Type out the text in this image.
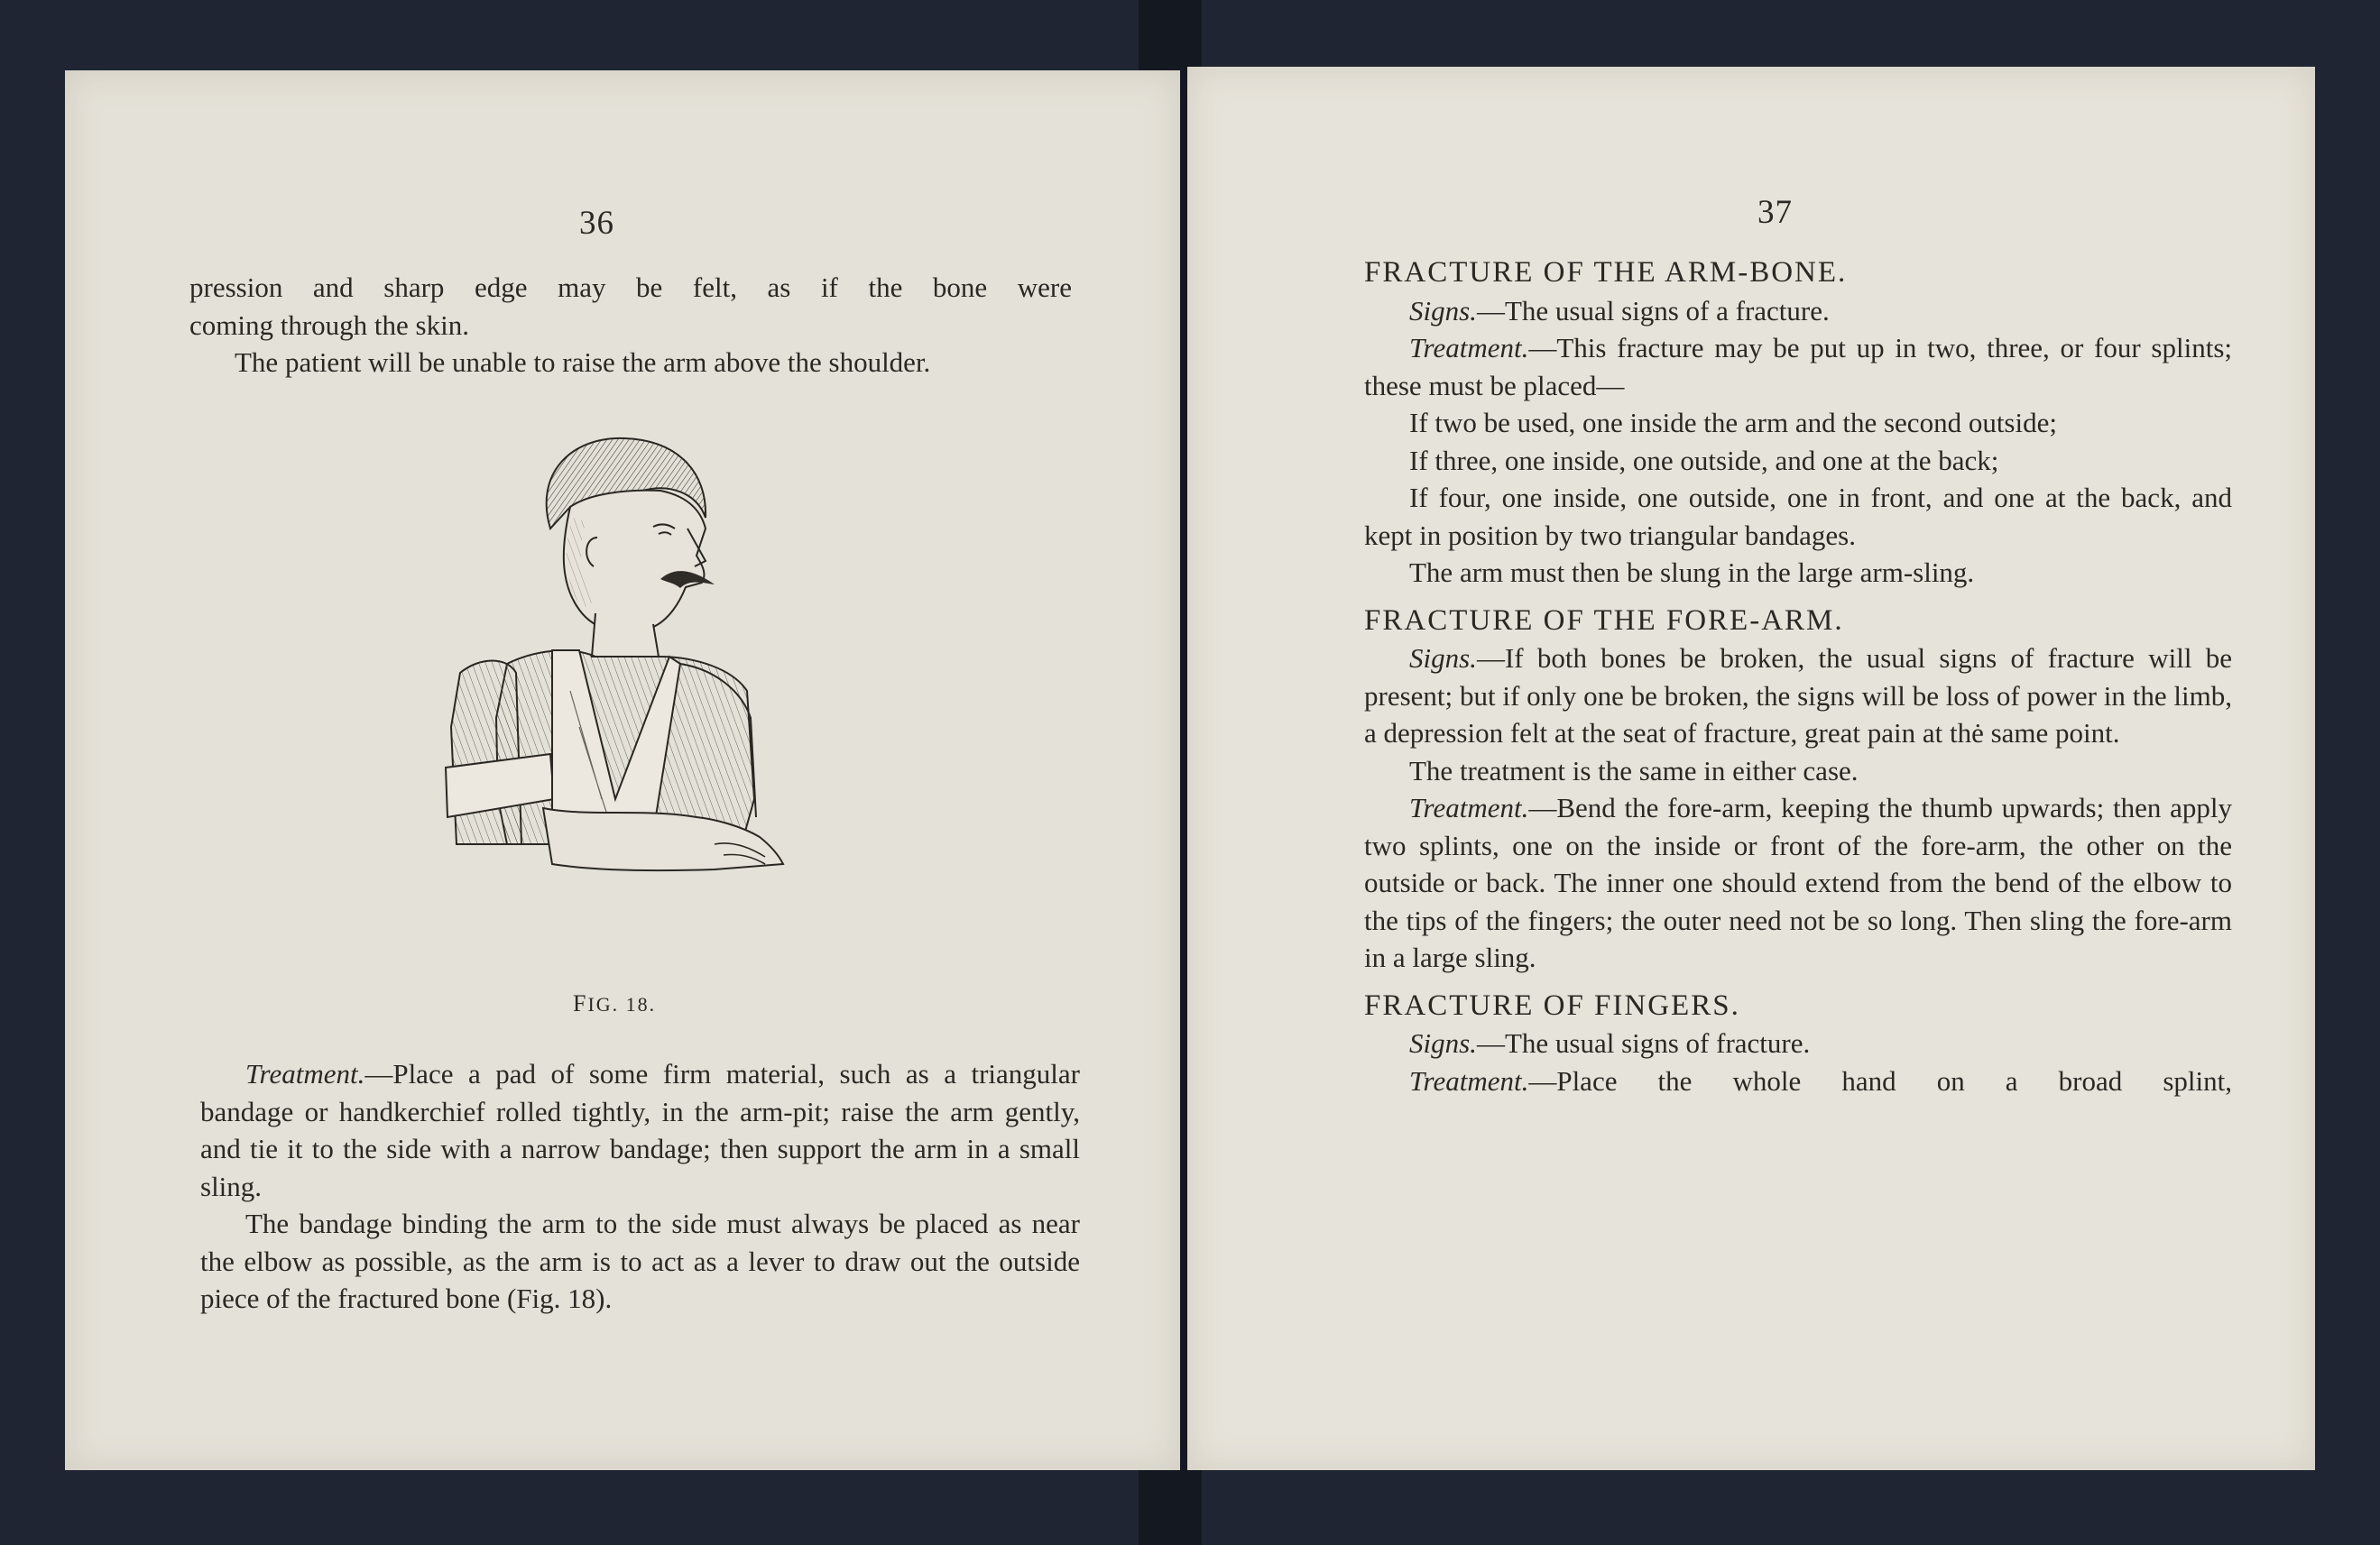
36

pression and sharp edge may be felt, as if the bone were

coming through the skin.

The patient will be unable to raise the arm above the shoulder.

FIG. 18.

Treatment.—Place a pad of some firm material, such as a triangular bandage or handkerchief rolled tightly, in the arm-pit; raise the arm gently, and tie it to the side with a narrow bandage; then support the arm in a small sling.

The bandage binding the arm to the side must always be placed as near the elbow as possible, as the arm is to act as a lever to draw out the outside piece of the fractured bone (Fig. 18).

37

FRACTURE OF THE ARM-BONE.

Signs.—The usual signs of a fracture.

Treatment.—This fracture may be put up in two, three, or four splints; these must be placed—

If two be used, one inside the arm and the second outside;

If three, one inside, one outside, and one at the back;

If four, one inside, one outside, one in front, and one at the back, and kept in position by two triangular bandages.

The arm must then be slung in the large arm-sling.

FRACTURE OF THE FORE-ARM.

Signs.—If both bones be broken, the usual signs of fracture will be present; but if only one be broken, the signs will be loss of power in the limb, a depression felt at the seat of fracture, great pain at thė same point.

The treatment is the same in either case.

Treatment.—Bend the fore-arm, keeping the thumb upwards; then apply two splints, one on the inside or front of the fore-arm, the other on the outside or back. The inner one should extend from the bend of the elbow to the tips of the fingers; the outer need not be so long. Then sling the fore-arm in a large sling.

FRACTURE OF FINGERS.

Signs.—The usual signs of fracture.

Treatment.—Place the whole hand on a broad splint,
